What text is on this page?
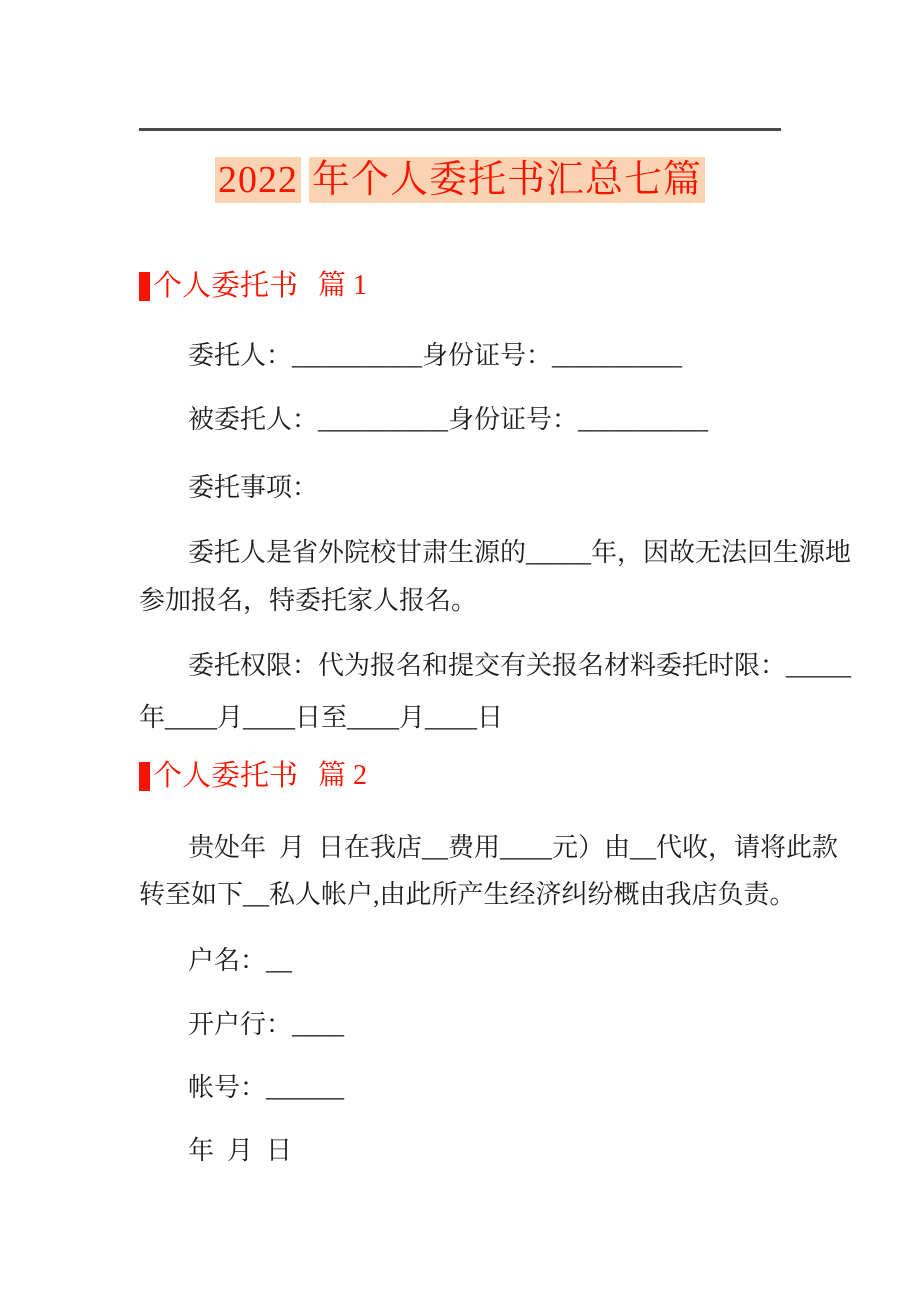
2022 年个人委托书汇总七篇
个人委托书 篇 1
委托人：__________身份证号：__________
被委托人：__________身份证号：__________
委托事项：
委托人是省外院校甘肃生源的_____年，因故无法回生源地
参加报名，特委托家人报名。
委托权限：代为报名和提交有关报名材料委托时限：_____
年____月____日至____月____日
个人委托书 篇 2
贵处年  月  日在我店__费用____元）由__代收，请将此款
转至如下__私人帐户,由此所产生经济纠纷概由我店负责。
户名：__
开户行：____
帐号：______
年  月  日
